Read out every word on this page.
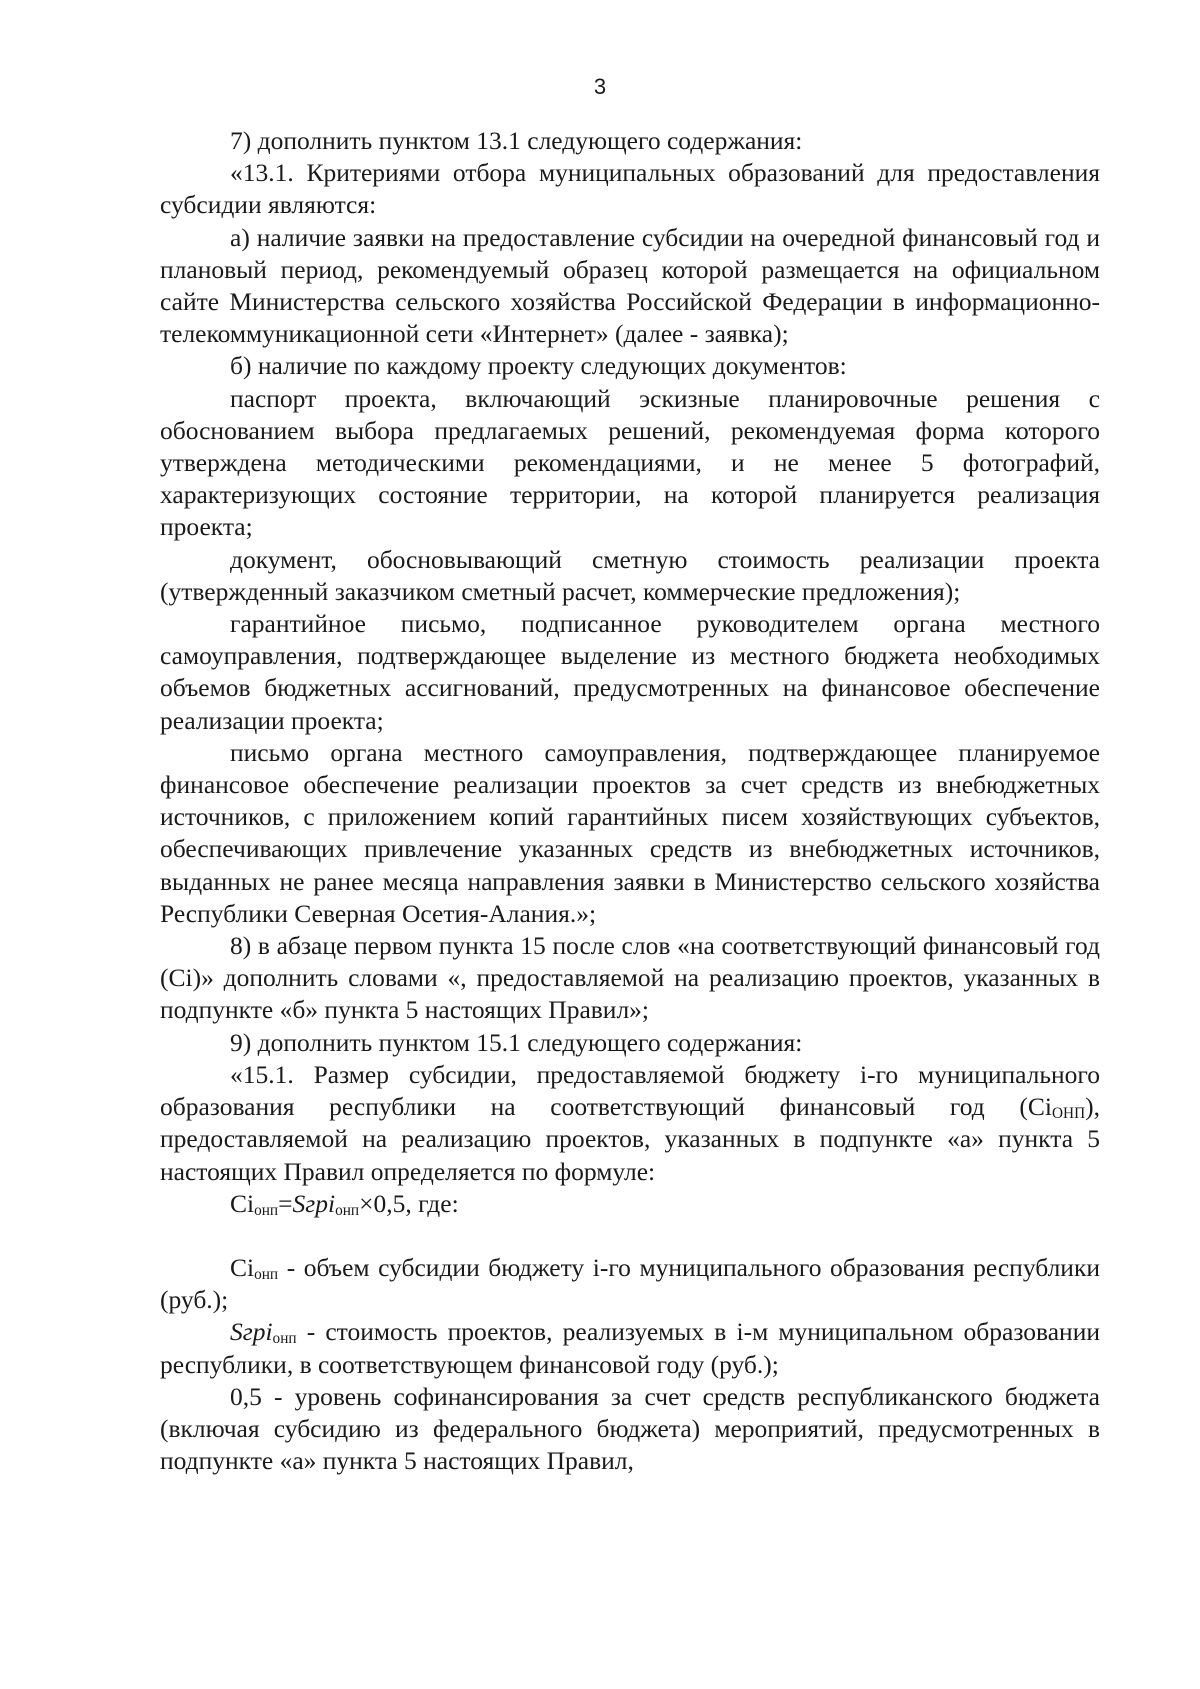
3

7) дополнить пунктом 13.1 следующего содержания:

«13.1. Критериями отбора муниципальных образований для предоставления субсидии являются:

а) наличие заявки на предоставление субсидии на очередной финансовый год и плановый период, рекомендуемый образец которой размещается на официальном сайте Министерства сельского хозяйства Российской Федерации в информационно-телекоммуникационной сети «Интернет» (далее - заявка);

б) наличие по каждому проекту следующих документов:

паспорт проекта, включающий эскизные планировочные решения с обоснованием выбора предлагаемых решений, рекомендуемая форма которого утверждена методическими рекомендациями, и не менее 5 фотографий, характеризующих состояние территории, на которой планируется реализация проекта;

документ, обосновывающий сметную стоимость реализации проекта (утвержденный заказчиком сметный расчет, коммерческие предложения);

гарантийное письмо, подписанное руководителем органа местного самоуправления, подтверждающее выделение из местного бюджета необходимых объемов бюджетных ассигнований, предусмотренных на финансовое обеспечение реализации проекта;

письмо органа местного самоуправления, подтверждающее планируемое финансовое обеспечение реализации проектов за счет средств из внебюджетных источников, с приложением копий гарантийных писем хозяйствующих субъектов, обеспечивающих привлечение указанных средств из внебюджетных источников, выданных не ранее месяца направления заявки в Министерство сельского хозяйства Республики Северная Осетия-Алания.»;

8) в абзаце первом пункта 15 после слов «на соответствующий финансовый год (Ci)» дополнить словами «, предоставляемой на реализацию проектов, указанных в подпункте «б» пункта 5 настоящих Правил»;

9) дополнить пунктом 15.1 следующего содержания:

«15.1. Размер субсидии, предоставляемой бюджету i-го муниципального образования республики на соответствующий финансовый год $(Ci_{ОНП})$, предоставляемой на реализацию проектов, указанных в подпункте «а» пункта 5 настоящих Правил определяется по формуле:

$Ci_{онп}=Sгрi_{онп}\times 0,5$, где:

$Ci_{онп}$ - объем субсидии бюджету i-го муниципального образования республики (руб.);

Sгрi$_{онп}$ - стоимость проектов, реализуемых в i-м муниципальном образовании республики, в соответствующем финансовой году (руб.);

0,5 - уровень софинансирования за счет средств республиканского бюджета (включая субсидию из федерального бюджета) мероприятий, предусмотренных в подпункте «а» пункта 5 настоящих Правил,
